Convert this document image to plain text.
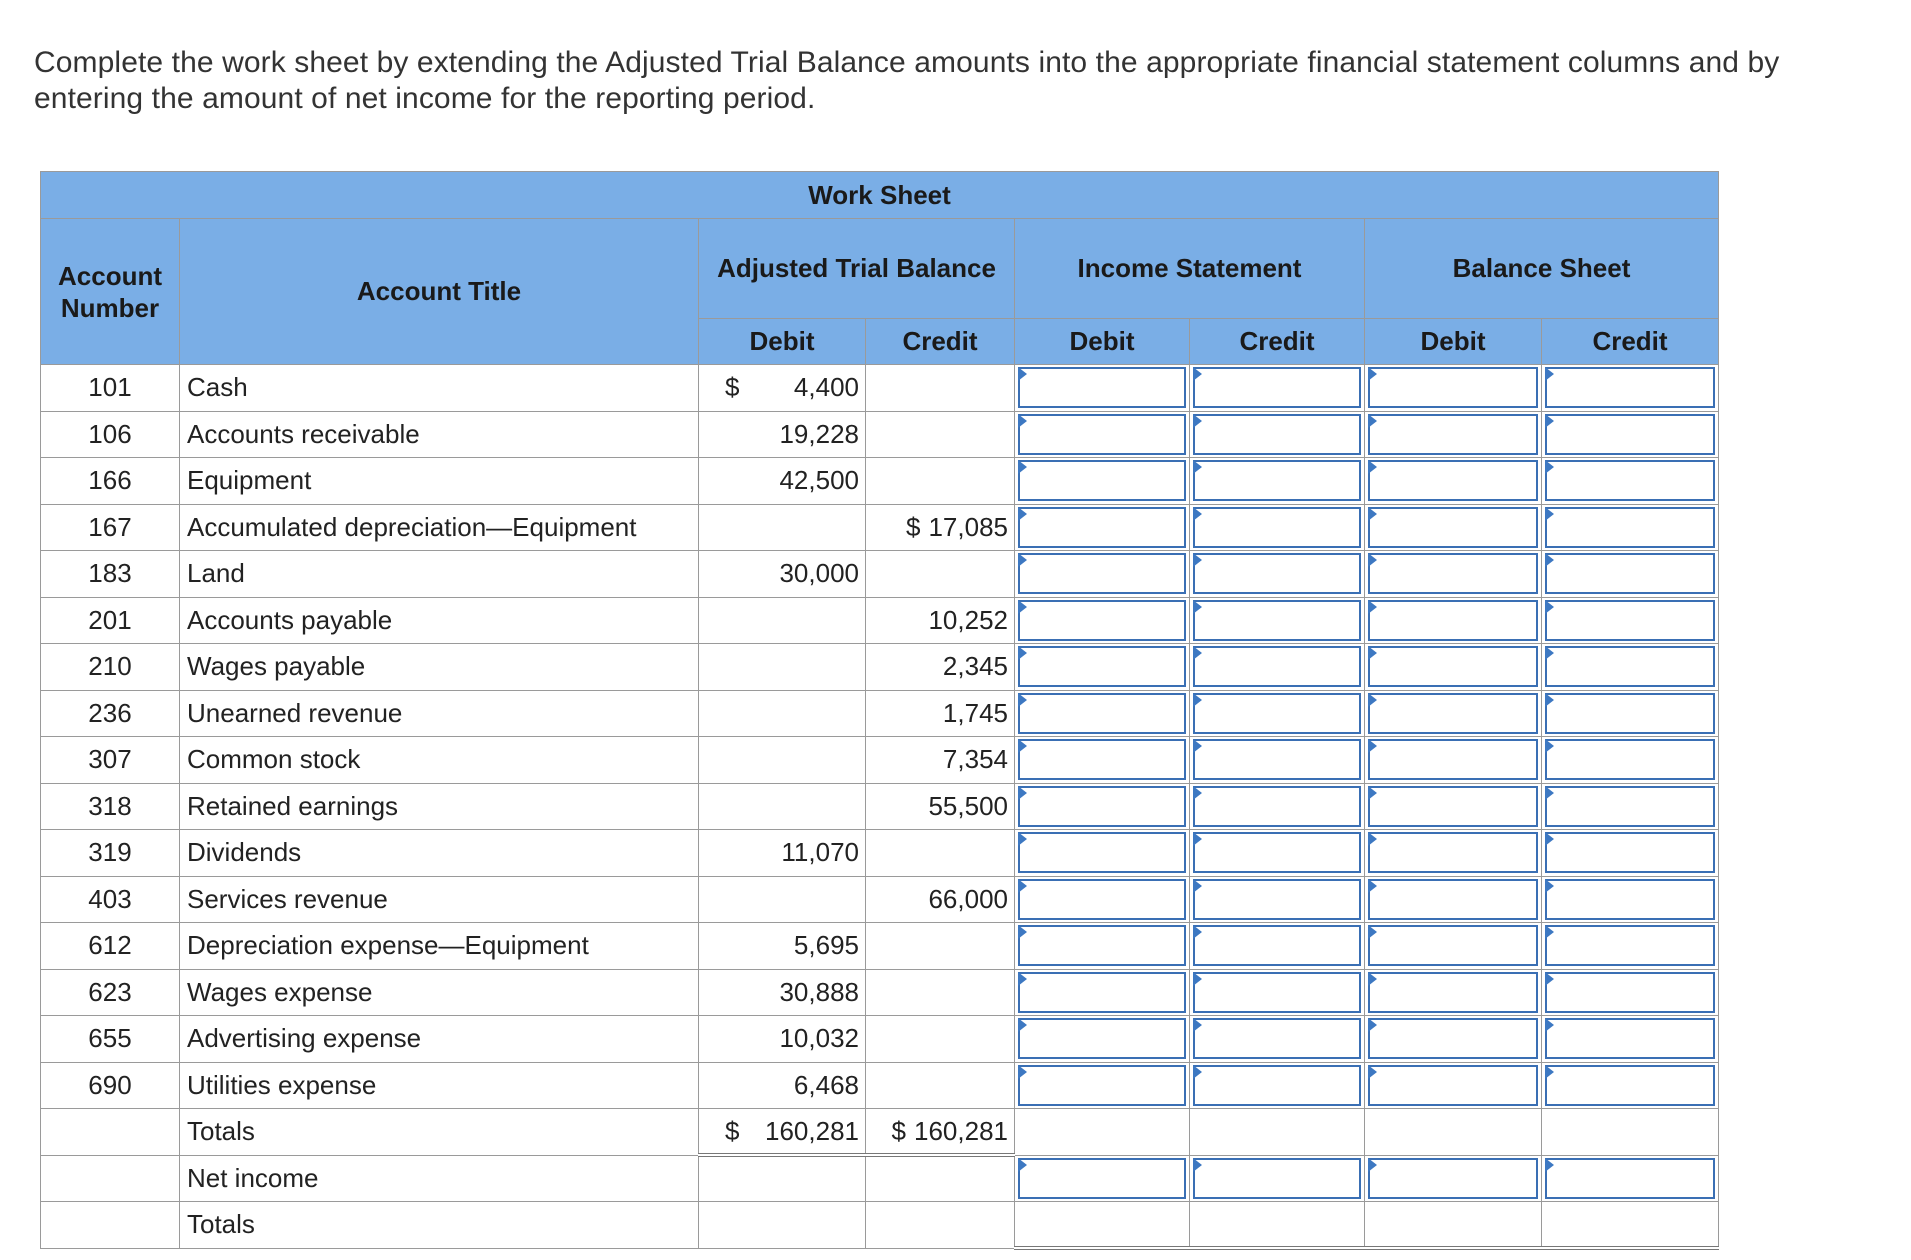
Complete the work sheet by extending the Adjusted Trial Balance amounts into the appropriate financial statement columns and by entering the amount of net income for the reporting period.
Work Sheet							
Account Number	Account Title	Adjusted Trial Balance		Income Statement		Balance Sheet	
		Debit	Credit	Debit	Credit	Debit	Credit
101	Cash	$ 4,400		

106	Accounts receivable	19,228		

166	Equipment	42,500		

167	Accumulated depreciation—Equipment		$ 17,085	

183	Land	30,000		

201	Accounts payable		10,252	

210	Wages payable		2,345	

236	Unearned revenue		1,745	

307	Common stock		7,354	

318	Retained earnings		55,500	

319	Dividends	11,070		

403	Services revenue		66,000	

612	Depreciation expense—Equipment	5,695		

623	Wages expense	30,888		

655	Advertising expense	10,032		

690	Utilities expense	6,468		

	Totals	$ 160,281	$ 160,281				
	Net income			

	Totals						
